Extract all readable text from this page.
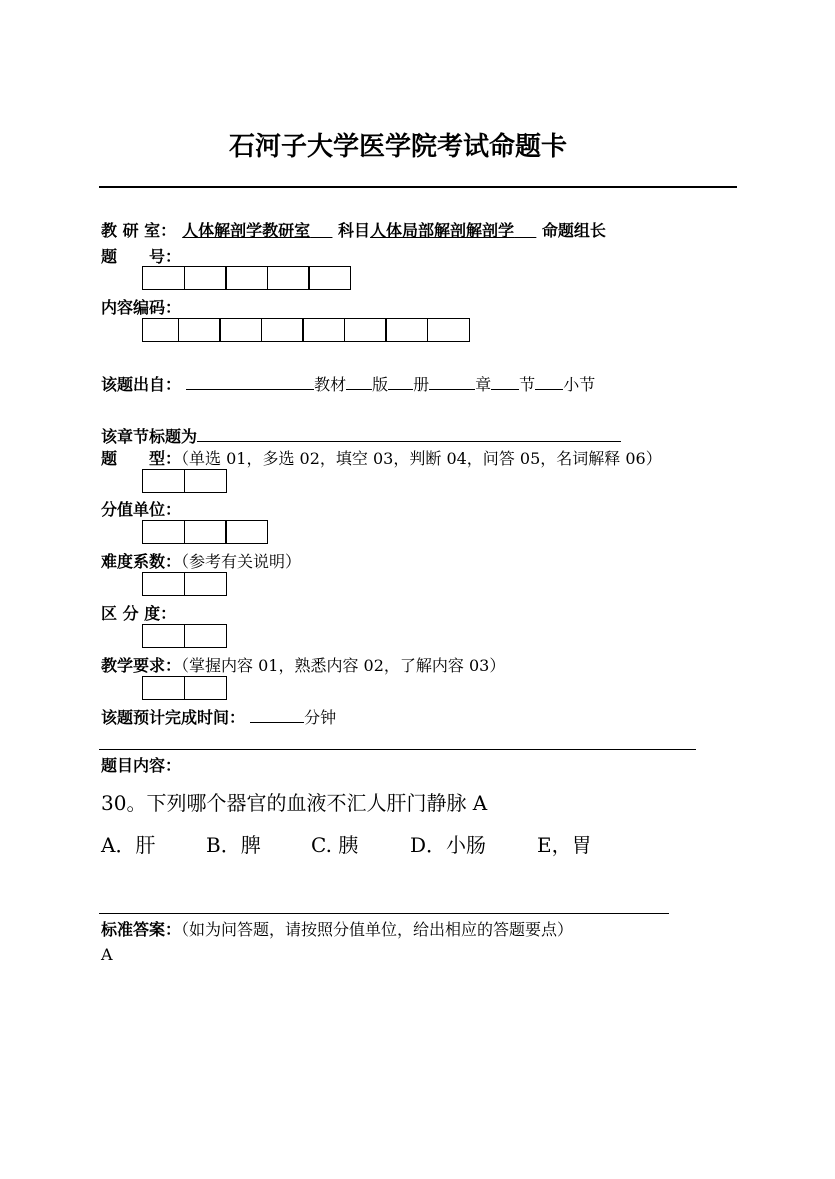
石河子大学医学院考试命题卡
教 研 室： 人体解剖学教研室 科目人体局部解剖解剖学 命题组长
题　　号：
内容编码：
该题出自：	教材 版 册	章 节 小节
该章节标题为
题　　型：（单选 01，多选 02，填空 03，判断 04，问答 05，名词解释 06）
分值单位：
难度系数：（参考有关说明）
区 分 度：
教学要求：（掌握内容 01，熟悉内容 02，了解内容 03）
该题预计完成时间：	分钟
题目内容：
30。下列哪个器官的血液不汇人肝门静脉 A
A．肝	B．脾	C. 胰	D．小肠	E，胃
标准答案：（如为问答题，请按照分值单位，给出相应的答题要点）
A
